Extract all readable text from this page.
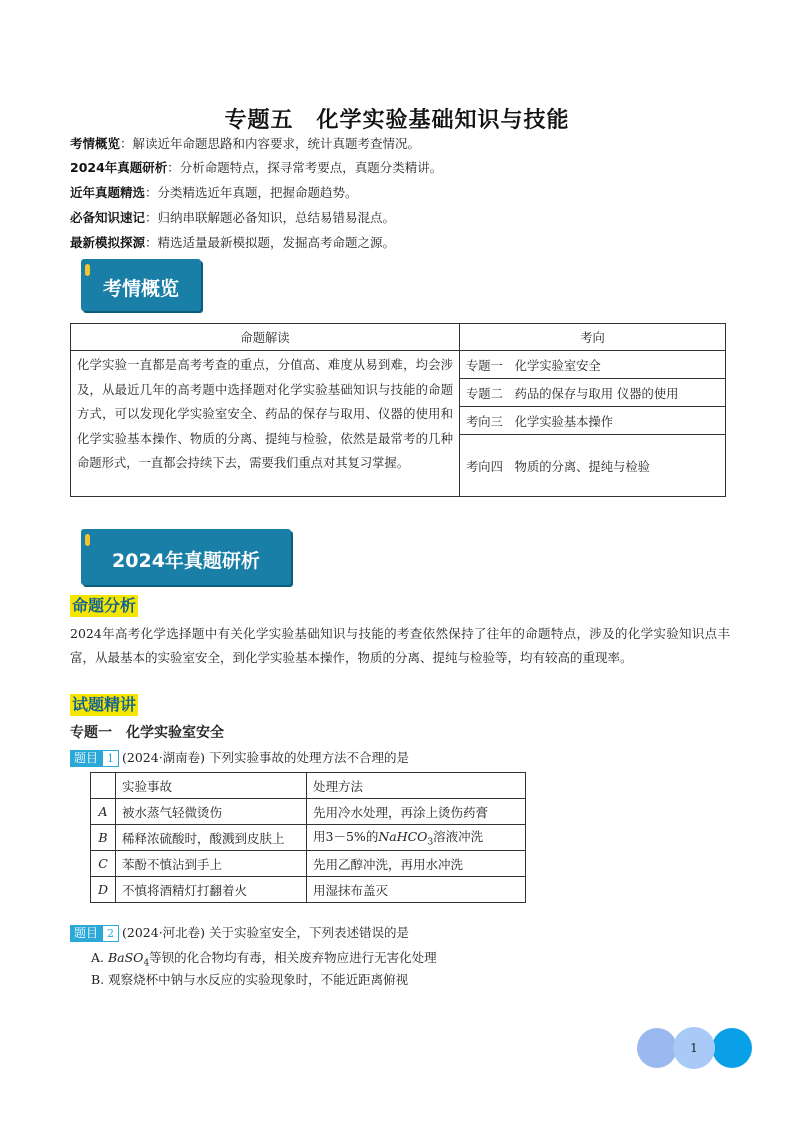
专题五　化学实验基础知识与技能
考情概览：解读近年命题思路和内容要求，统计真题考查情况。
2024年真题研析：分析命题特点，探寻常考要点，真题分类精讲。
近年真题精选：分类精选近年真题，把握命题趋势。
必备知识速记：归纳串联解题必备知识，总结易错易混点。
最新模拟探源：精选适量最新模拟题，发掘高考命题之源。
考情概览
命题解读	考向
化学实验一直都是高考考查的重点，分值高、难度从易到难，均会涉及，从最近几年的高考题中选择题对化学实验基础知识与技能的命题方式，可以发现化学实验室安全、药品的保存与取用、仪器的使用和化学实验基本操作、物质的分离、提纯与检验，依然是最常考的几种命题形式，一直都会持续下去，需要我们重点对其复习掌握。	专题一 化学实验室安全
	专题二 药品的保存与取用 仪器的使用
	考向三 化学实验基本操作
	考向四 物质的分离、提纯与检验
2024年真题研析
命题分析
2024年高考化学选择题中有关化学实验基础知识与技能的考查依然保持了往年的命题特点，涉及的化学实验知识点丰富，从最基本的实验室安全，到化学实验基本操作，物质的分离、提纯与检验等，均有较高的重现率。
试题精讲
专题一　化学实验室安全
题目 1 (2024·湖南卷) 下列实验事故的处理方法不合理的是
	实验事故	处理方法
A	被水蒸气轻微烫伤	先用冷水处理，再涂上烫伤药膏
B	稀释浓硫酸时，酸溅到皮肤上	用3－5%的NaHCO$_3$溶液冲洗
C	苯酚不慎沾到手上	先用乙醇冲洗，再用水冲洗
D	不慎将酒精灯打翻着火	用湿抹布盖灭
题目 2 (2024·河北卷) 关于实验室安全，下列表述错误的是
A. BaSO$_4$等钡的化合物均有毒，相关废弃物应进行无害化处理
B. 观察烧杯中钠与水反应的实验现象时，不能近距离俯视
1
